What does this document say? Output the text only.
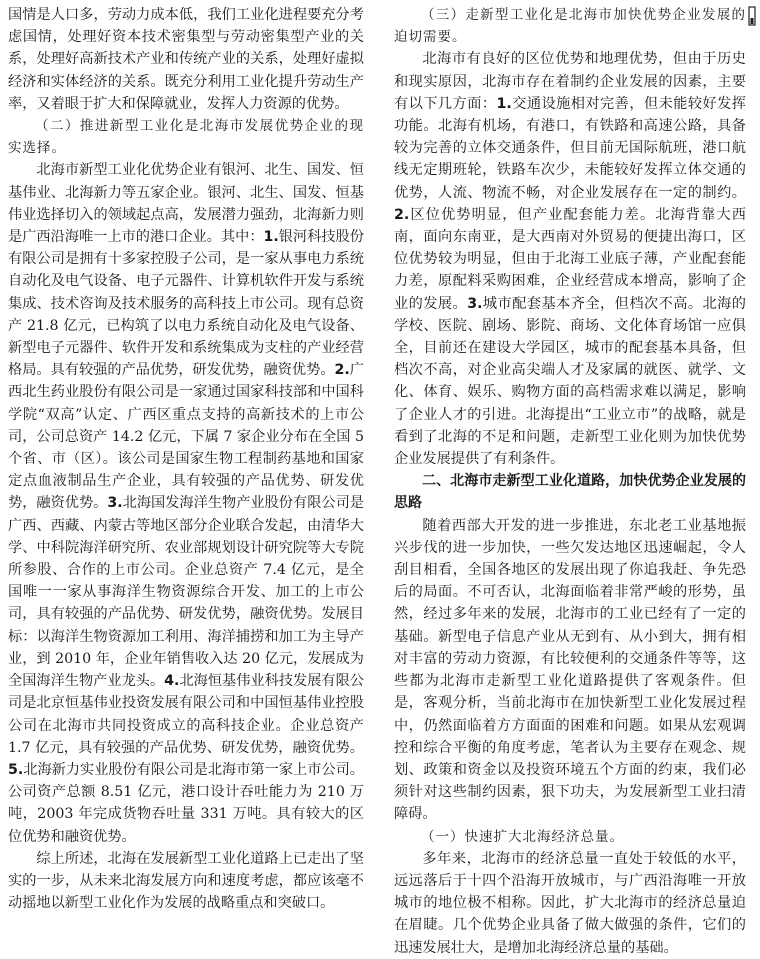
国情是人口多，劳动力成本低，我们工业化进程要充分考虑国情，处理好资本技术密集型与劳动密集型产业的关系，处理好高新技术产业和传统产业的关系，处理好虚拟经济和实体经济的关系。既充分利用工业化提升劳动生产率，又着眼于扩大和保障就业，发挥人力资源的优势。

（二）推进新型工业化是北海市发展优势企业的现实选择。

北海市新型工业化优势企业有银河、北生、国发、恒基伟业、北海新力等五家企业。银河、北生、国发、恒基伟业选择切入的领域起点高，发展潜力强劲，北海新力则是广西沿海唯一上市的港口企业。其中：1.银河科技股份有限公司是拥有十多家控股子公司，是一家从事电力系统自动化及电气设备、电子元器件、计算机软件开发与系统集成、技术咨询及技术服务的高科技上市公司。现有总资产 21.8 亿元，已构筑了以电力系统自动化及电气设备、新型电子元器件、软件开发和系统集成为支柱的产业经营格局。具有较强的产品优势，研发优势，融资优势。2.广西北生药业股份有限公司是一家通过国家科技部和中国科学院“双高”认定、广西区重点支持的高新技术的上市公司，公司总资产 14.2 亿元，下属 7 家企业分布在全国 5 个省、市（区）。该公司是国家生物工程制药基地和国家定点血液制品生产企业，具有较强的产品优势、研发优势，融资优势。3.北海国发海洋生物产业股份有限公司是广西、西藏、内蒙古等地区部分企业联合发起，由清华大学、中科院海洋研究所、农业部规划设计研究院等大专院所参股、合作的上市公司。企业总资产 7.4 亿元，是全国唯一一家从事海洋生物资源综合开发、加工的上市公司，具有较强的产品优势、研发优势，融资优势。发展目标：以海洋生物资源加工利用、海洋捕捞和加工为主导产业，到 2010 年，企业年销售收入达 20 亿元，发展成为全国海洋生物产业龙头。4.北海恒基伟业科技发展有限公司是北京恒基伟业投资发展有限公司和中国恒基伟业控股公司在北海市共同投资成立的高科技企业。企业总资产 1.7 亿元，具有较强的产品优势、研发优势，融资优势。5.北海新力实业股份有限公司是北海市第一家上市公司。公司资产总额 8.51 亿元，港口设计吞吐能力为 210 万吨，2003 年完成货物吞吐量 331 万吨。具有较大的区位优势和融资优势。

综上所述，北海在发展新型工业化道路上已走出了坚实的一步，从未来北海发展方向和速度考虑，都应该毫不动摇地以新型工业化作为发展的战略重点和突破口。

（三）走新型工业化是北海市加快优势企业发展的迫切需要。

北海市有良好的区位优势和地理优势，但由于历史和现实原因，北海市存在着制约企业发展的因素，主要有以下几方面：1.交通设施相对完善，但未能较好发挥功能。北海有机场，有港口，有铁路和高速公路，具备较为完善的立体交通条件，但目前无国际航班，港口航线无定期班轮，铁路车次少，未能较好发挥立体交通的优势，人流、物流不畅，对企业发展存在一定的制约。2.区位优势明显，但产业配套能力差。北海背靠大西南，面向东南亚，是大西南对外贸易的便捷出海口，区位优势较为明显，但由于北海工业底子薄，产业配套能力差，原配料采购困难，企业经营成本增高，影响了企业的发展。3.城市配套基本齐全，但档次不高。北海的学校、医院、剧场、影院、商场、文化体育场馆一应俱全，目前还在建设大学园区，城市的配套基本具备，但档次不高，对企业高尖端人才及家属的就医、就学、文化、体育、娱乐、购物方面的高档需求难以满足，影响了企业人才的引进。北海提出“工业立市”的战略，就是看到了北海的不足和问题，走新型工业化则为加快优势企业发展提供了有利条件。

二、北海市走新型工业化道路，加快优势企业发展的思路

随着西部大开发的进一步推进，东北老工业基地振兴步伐的进一步加快，一些欠发达地区迅速崛起，令人刮目相看，全国各地区的发展出现了你追我赶、争先恐后的局面。不可否认，北海面临着非常严峻的形势，虽然，经过多年来的发展，北海市的工业已经有了一定的基础。新型电子信息产业从无到有、从小到大，拥有相对丰富的劳动力资源，有比较便利的交通条件等等，这些都为北海市走新型工业化道路提供了客观条件。但是，客观分析，当前北海市在加快新型工业化发展过程中，仍然面临着方方面面的困难和问题。如果从宏观调控和综合平衡的角度考虑，笔者认为主要存在观念、规划、政策和资金以及投资环境五个方面的约束，我们必须针对这些制约因素，狠下功夫，为发展新型工业扫清障碍。

（一）快速扩大北海经济总量。

多年来，北海市的经济总量一直处于较低的水平，远远落后于十四个沿海开放城市，与广西沿海唯一开放城市的地位极不相称。因此，扩大北海市的经济总量迫在眉睫。几个优势企业具备了做大做强的条件，它们的迅速发展壮大，是增加北海经济总量的基础。
